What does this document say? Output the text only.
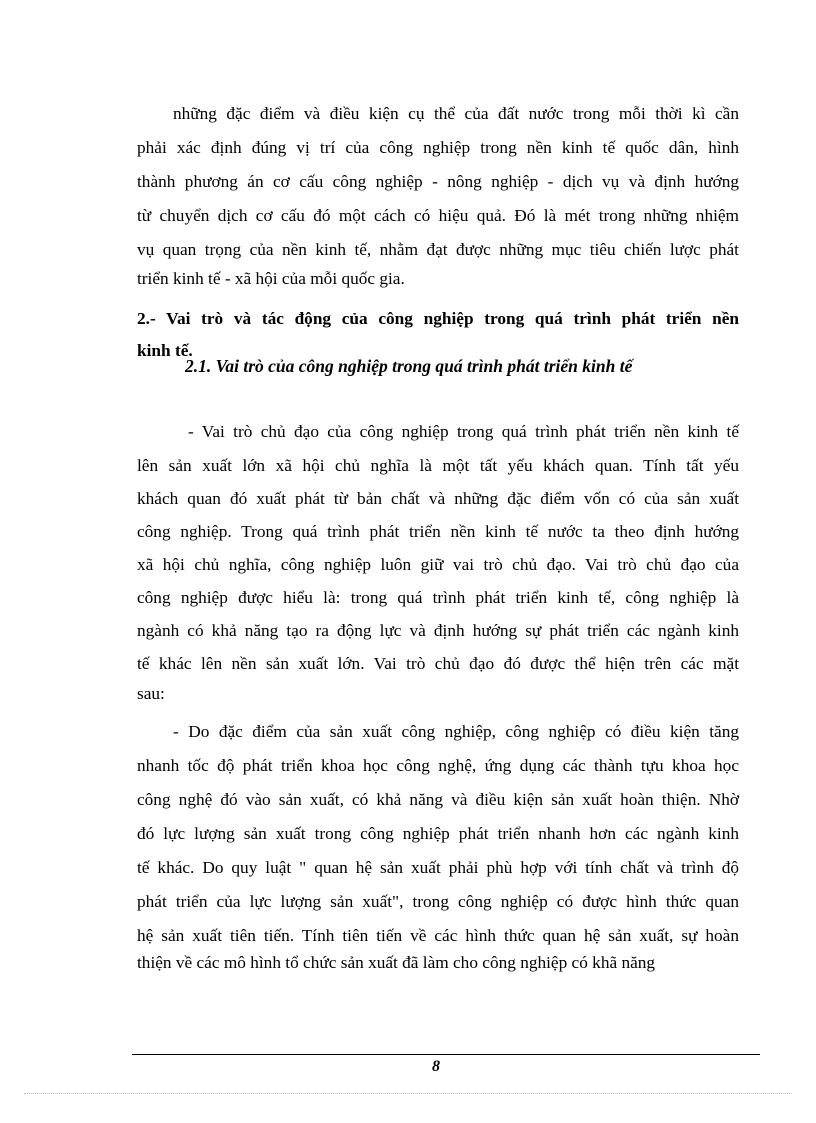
những đặc điểm và điều kiện cụ thể của đất nước trong mỗi thời kì cần
phải xác định đúng vị trí của công nghiệp trong nền kinh tế quốc dân, hình
thành phương án cơ cấu công nghiệp - nông nghiệp - dịch vụ và định hướng
từ chuyển dịch cơ cấu đó một cách có hiệu quả. Đó là mét trong những nhiệm
vụ quan trọng của nền kinh tế, nhằm đạt được những mục tiêu chiến lược phát
triển kinh tế - xã hội của mỗi quốc gia.
2.- Vai trò và tác động của công nghiệp trong quá trình phát triển nền
kinh tế.
2.1. Vai trò của công nghiệp trong quá trình phát triển kinh tế
- Vai trò chủ đạo của công nghiệp trong quá trình phát triển nền kinh tế
lên sản xuất lớn xã hội chủ nghĩa là một tất yếu khách quan. Tính tất yếu
khách quan đó xuất phát từ bản chất và những đặc điểm vốn có của sản xuất
công nghiệp. Trong quá trình phát triển nền kinh tế nước ta theo định hướng
xã hội chủ nghĩa, công nghiệp luôn giữ vai trò chủ đạo. Vai trò chủ đạo của
công nghiệp được hiểu là: trong quá trình phát triển kinh tế, công nghiệp là
ngành có khả năng tạo ra động lực và định hướng sự phát triển các ngành kinh
tế khác lên nền sản xuất lớn. Vai trò chủ đạo đó được thể hiện trên các mặt
sau:
- Do đặc điểm của sản xuất công nghiệp, công nghiệp có điều kiện tăng
nhanh tốc độ phát triển khoa học công nghệ, ứng dụng các thành tựu khoa học
công nghệ đó vào sản xuất, có khả năng và điều kiện sản xuất hoàn thiện. Nhờ
đó lực lượng sản xuất trong công nghiệp phát triển nhanh hơn các ngành kinh
tế khác. Do quy luật " quan hệ sản xuất phải phù hợp với tính chất và trình độ
phát triển của lực lượng sản xuất", trong công nghiệp có được hình thức quan
hệ sản xuất tiên tiến. Tính tiên tiến về các hình thức quan hệ sản xuất, sự hoàn
thiện về các mô hình tổ chức sản xuất đã làm cho công nghiệp có khã năng
8
